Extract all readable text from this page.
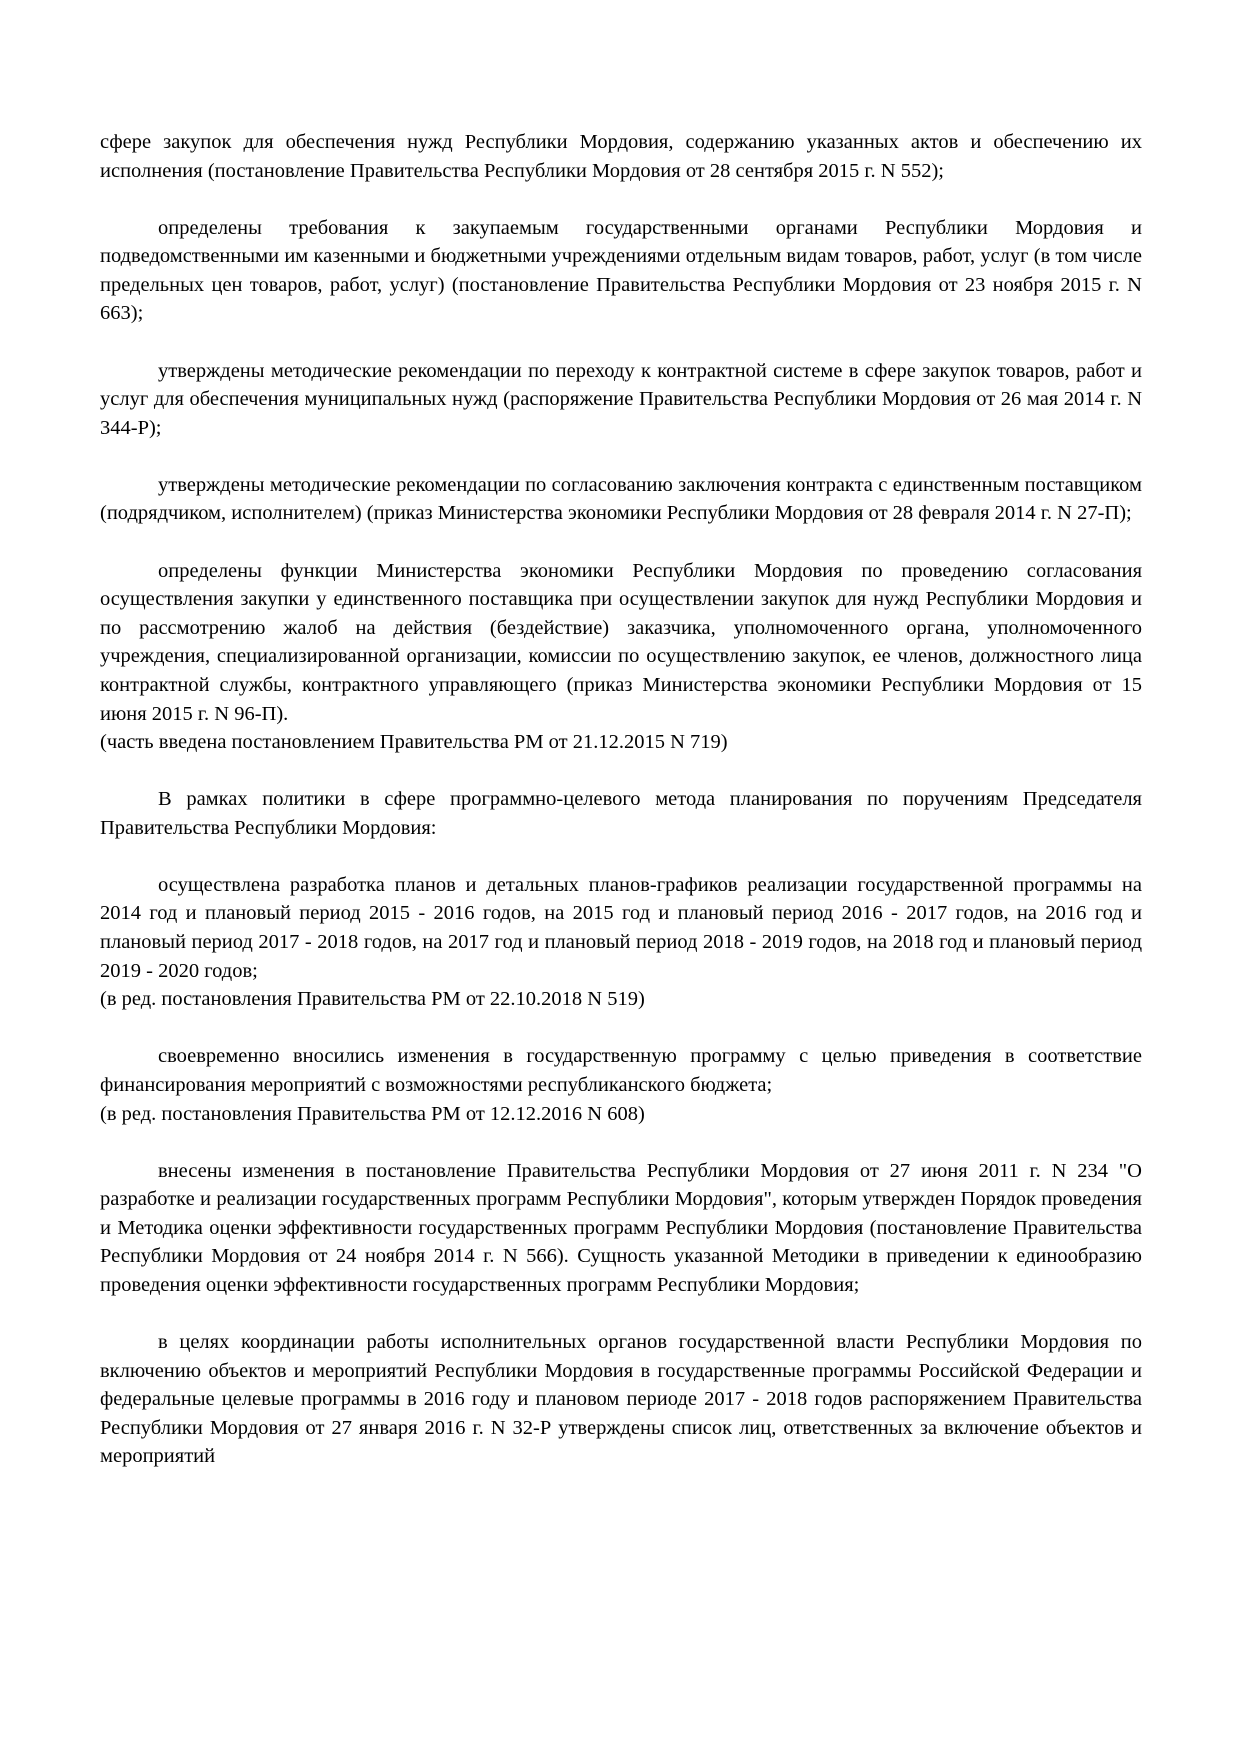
сфере закупок для обеспечения нужд Республики Мордовия, содержанию указанных актов и обеспечению их исполнения (постановление Правительства Республики Мордовия от 28 сентября 2015 г. N 552);

определены требования к закупаемым государственными органами Республики Мордовия и подведомственными им казенными и бюджетными учреждениями отдельным видам товаров, работ, услуг (в том числе предельных цен товаров, работ, услуг) (постановление Правительства Республики Мордовия от 23 ноября 2015 г. N 663);

утверждены методические рекомендации по переходу к контрактной системе в сфере закупок товаров, работ и услуг для обеспечения муниципальных нужд (распоряжение Правительства Республики Мордовия от 26 мая 2014 г. N 344-Р);

утверждены методические рекомендации по согласованию заключения контракта с единственным поставщиком (подрядчиком, исполнителем) (приказ Министерства экономики Республики Мордовия от 28 февраля 2014 г. N 27-П);

определены функции Министерства экономики Республики Мордовия по проведению согласования осуществления закупки у единственного поставщика при осуществлении закупок для нужд Республики Мордовия и по рассмотрению жалоб на действия (бездействие) заказчика, уполномоченного органа, уполномоченного учреждения, специализированной организации, комиссии по осуществлению закупок, ее членов, должностного лица контрактной службы, контрактного управляющего (приказ Министерства экономики Республики Мордовия от 15 июня 2015 г. N 96-П).

(часть введена постановлением Правительства РМ от 21.12.2015 N 719)

В рамках политики в сфере программно-целевого метода планирования по поручениям Председателя Правительства Республики Мордовия:

осуществлена разработка планов и детальных планов-графиков реализации государственной программы на 2014 год и плановый период 2015 - 2016 годов, на 2015 год и плановый период 2016 - 2017 годов, на 2016 год и плановый период 2017 - 2018 годов, на 2017 год и плановый период 2018 - 2019 годов, на 2018 год и плановый период 2019 - 2020 годов;

(в ред. постановления Правительства РМ от 22.10.2018 N 519)

своевременно вносились изменения в государственную программу с целью приведения в соответствие финансирования мероприятий с возможностями республиканского бюджета;

(в ред. постановления Правительства РМ от 12.12.2016 N 608)

внесены изменения в постановление Правительства Республики Мордовия от 27 июня 2011 г. N 234 "О разработке и реализации государственных программ Республики Мордовия", которым утвержден Порядок проведения и Методика оценки эффективности государственных программ Республики Мордовия (постановление Правительства Республики Мордовия от 24 ноября 2014 г. N 566). Сущность указанной Методики в приведении к единообразию проведения оценки эффективности государственных программ Республики Мордовия;

в целях координации работы исполнительных органов государственной власти Республики Мордовия по включению объектов и мероприятий Республики Мордовия в государственные программы Российской Федерации и федеральные целевые программы в 2016 году и плановом периоде 2017 - 2018 годов распоряжением Правительства Республики Мордовия от 27 января 2016 г. N 32-Р утверждены список лиц, ответственных за включение объектов и мероприятий
